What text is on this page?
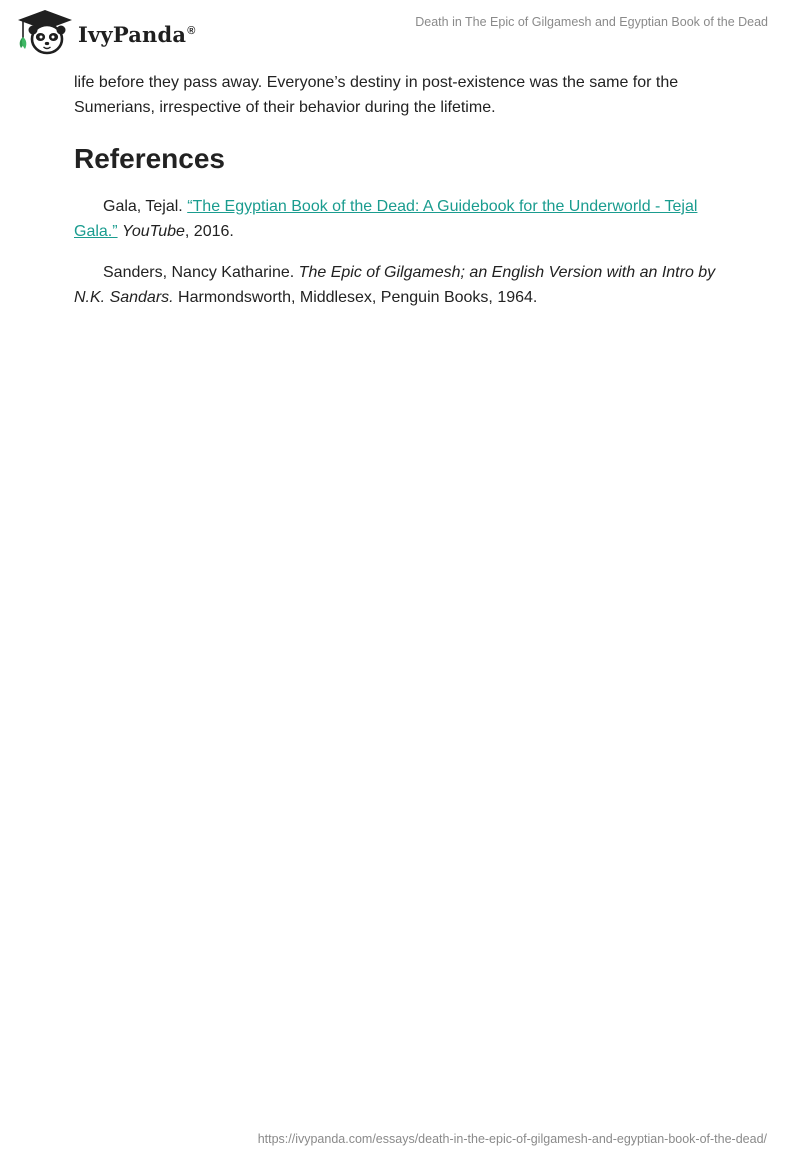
IvyPanda®
Death in The Epic of Gilgamesh and Egyptian Book of the Dead

life before they pass away. Everyone’s destiny in post-existence was the same for the Sumerians, irrespective of their behavior during the lifetime.

References

Gala, Tejal. “The Egyptian Book of the Dead: A Guidebook for the Underworld - Tejal Gala.” YouTube, 2016.

Sanders, Nancy Katharine. The Epic of Gilgamesh; an English Version with an Intro by N.K. Sandars. Harmondsworth, Middlesex, Penguin Books, 1964.

https://ivypanda.com/essays/death-in-the-epic-of-gilgamesh-and-egyptian-book-of-the-dead/
